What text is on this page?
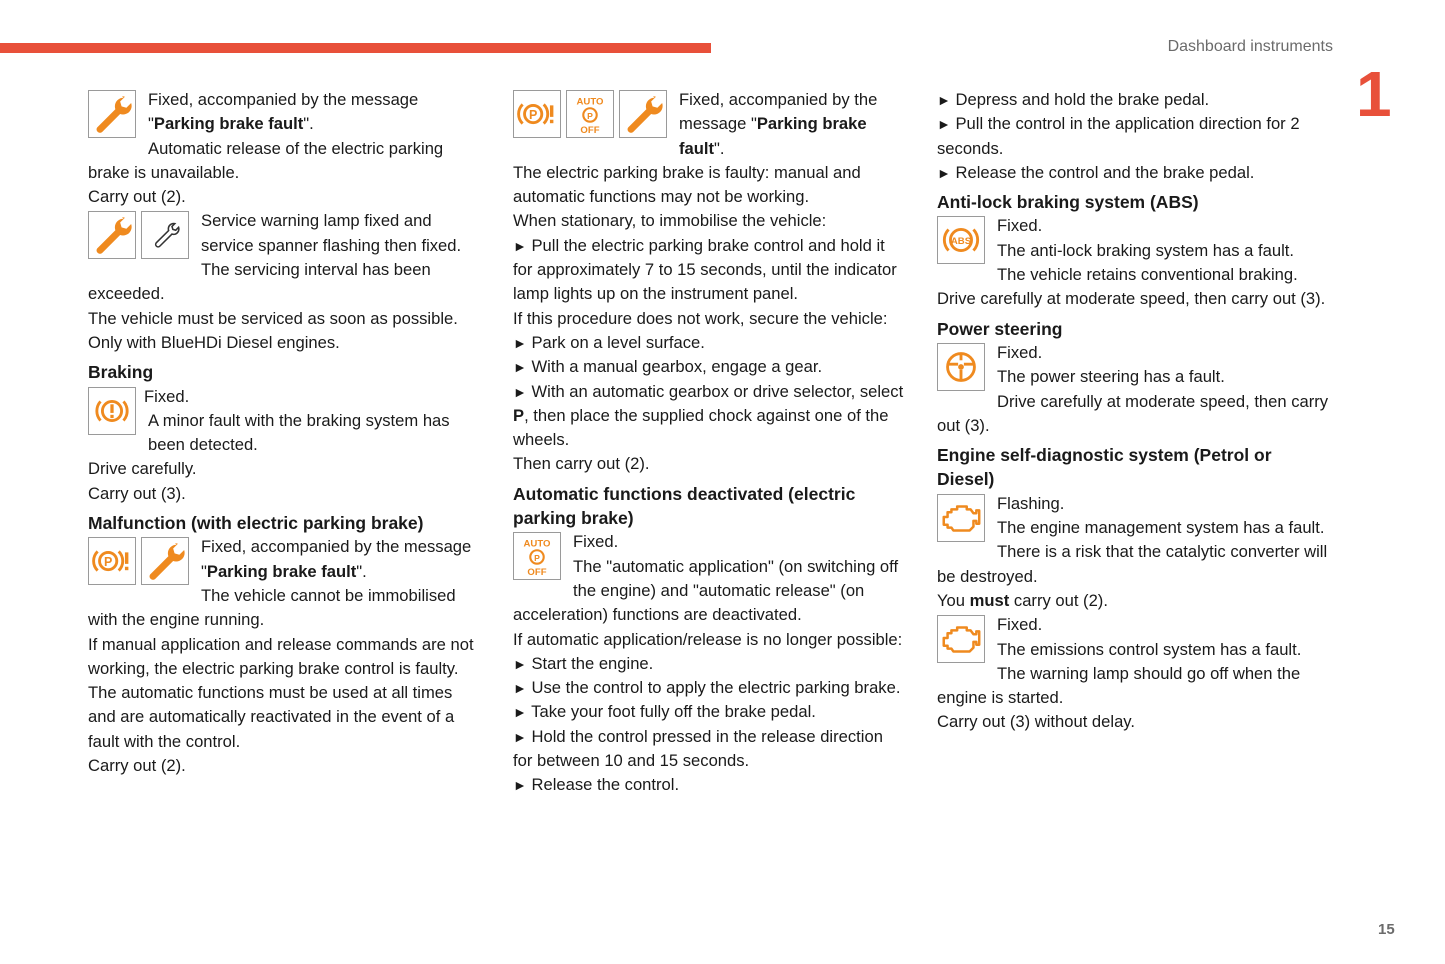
Dashboard instruments
1
15

Fixed, accompanied by the message "Parking brake fault".

Automatic release of the electric parking brake is unavailable.

Carry out (2).

Service warning lamp fixed and service spanner flashing then fixed.

The servicing interval has been exceeded.

The vehicle must be serviced as soon as possible.

Only with BlueHDi Diesel engines.

Braking

Fixed.

A minor fault with the braking system has been detected.

Drive carefully.

Carry out (3).

Malfunction (with electric parking brake)

Fixed, accompanied by the message "Parking brake fault".

The vehicle cannot be immobilised with the engine running.

If manual application and release commands are not working, the electric parking brake control is faulty.

The automatic functions must be used at all times and are automatically reactivated in the event of a fault with the control.

Carry out (2).

AUTO
P
OFF

Fixed, accompanied by the message "Parking brake fault".

The electric parking brake is faulty: manual and automatic functions may not be working.

When stationary, to immobilise the vehicle:

► Pull the electric parking brake control and hold it for approximately 7 to 15 seconds, until the indicator lamp lights up on the instrument panel.

If this procedure does not work, secure the vehicle:

► Park on a level surface.

► With a manual gearbox, engage a gear.

► With an automatic gearbox or drive selector, select P, then place the supplied chock against one of the wheels.

Then carry out (2).

Automatic functions deactivated (electric parking brake)
AUTO
P
OFF

Fixed.

The "automatic application" (on switching off the engine) and "automatic release" (on acceleration) functions are deactivated.

If automatic application/release is no longer possible:

► Start the engine.

► Use the control to apply the electric parking brake.

► Take your foot fully off the brake pedal.

► Hold the control pressed in the release direction for between 10 and 15 seconds.

► Release the control.

► Depress and hold the brake pedal.

► Pull the control in the application direction for 2 seconds.

► Release the control and the brake pedal.

Anti-lock braking system (ABS)
ABS

Fixed.

The anti-lock braking system has a fault.

The vehicle retains conventional braking.

Drive carefully at moderate speed, then carry out (3).

Power steering

Fixed.

The power steering has a fault.

Drive carefully at moderate speed, then carry out (3).

Engine self-diagnostic system (Petrol or Diesel)

Flashing.

The engine management system has a fault.

There is a risk that the catalytic converter will be destroyed.

You must carry out (2).

Fixed.

The emissions control system has a fault.

The warning lamp should go off when the engine is started.

Carry out (3) without delay.
